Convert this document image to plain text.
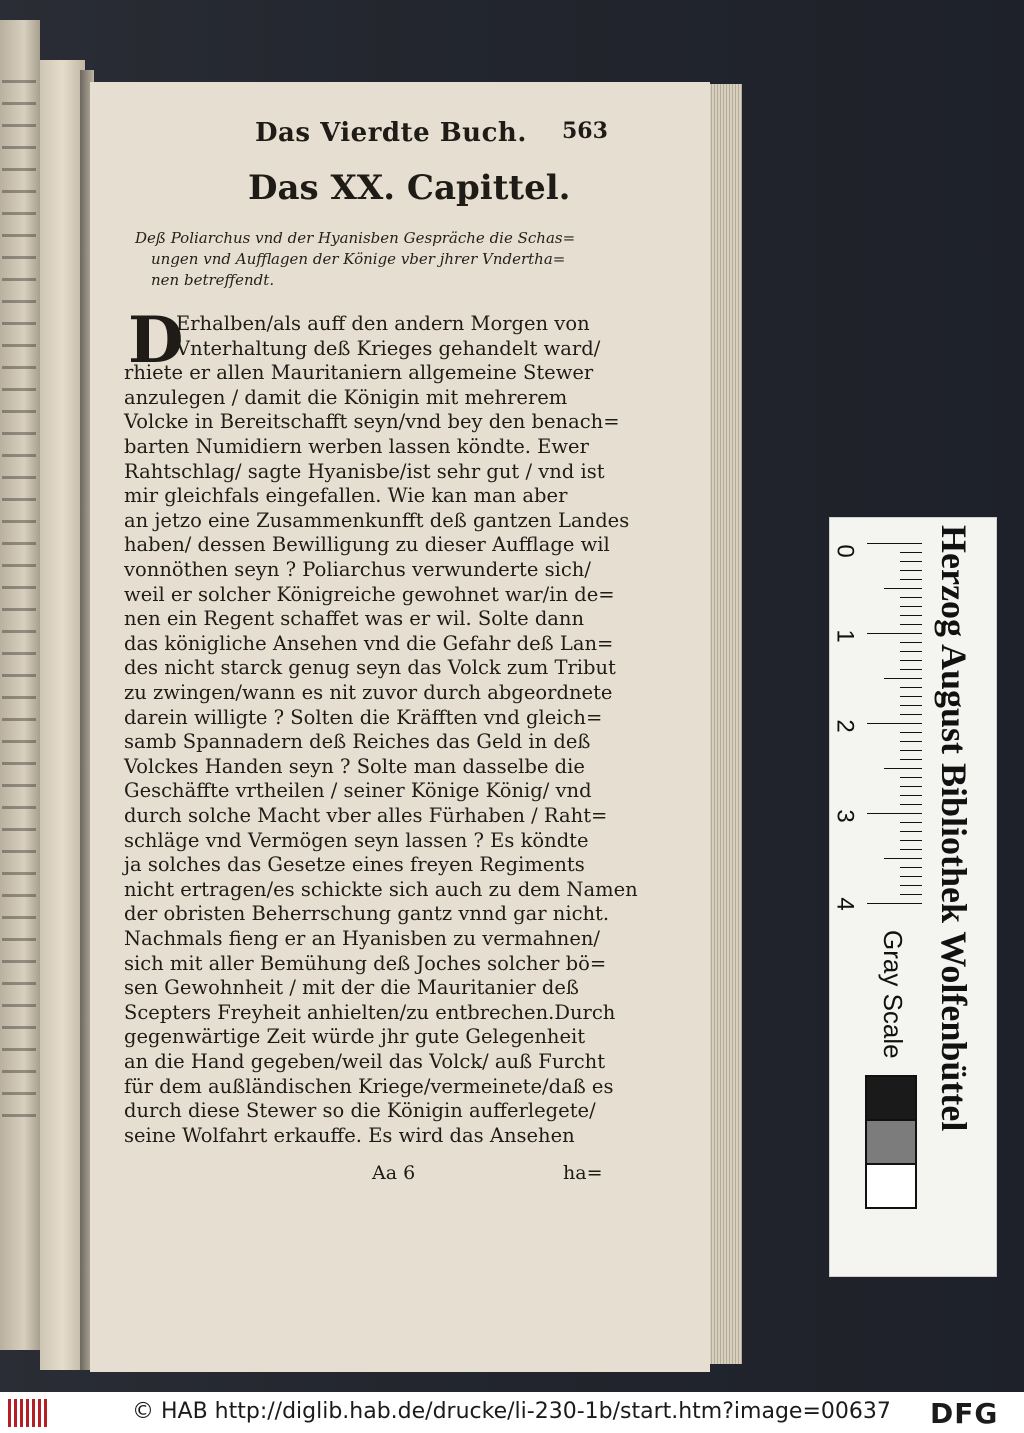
Das Vierdte Buch. 563
Das XX. Capittel.
Deß Poliarchus vnd der Hyanisben Gespräche die Schas=
ungen vnd Aufflagen der Könige vber jhrer Vndertha=
nen betreffendt.
D
Erhalben/als auff den andern Morgen von
Vnterhaltung deß Krieges gehandelt ward/
rhiete er allen Mauritaniern allgemeine Stewer
anzulegen / damit die Königin mit mehrerem
Volcke in Bereitschafft seyn/vnd bey den benach=
barten Numidiern werben lassen köndte. Ewer
Rahtschlag/ sagte Hyanisbe/ist sehr gut / vnd ist
mir gleichfals eingefallen. Wie kan man aber
an jetzo eine Zusammenkunfft deß gantzen Landes
haben/ dessen Bewilligung zu dieser Aufflage wil
vonnöthen seyn ? Poliarchus verwunderte sich/
weil er solcher Königreiche gewohnet war/in de=
nen ein Regent schaffet was er wil. Solte dann
das königliche Ansehen vnd die Gefahr deß Lan=
des nicht starck genug seyn das Volck zum Tribut
zu zwingen/wann es nit zuvor durch abgeordnete
darein willigte ? Solten die Kräfften vnd gleich=
samb Spannadern deß Reiches das Geld in deß
Volckes Handen seyn ? Solte man dasselbe die
Geschäffte vrtheilen / seiner Könige König/ vnd
durch solche Macht vber alles Fürhaben / Raht=
schläge vnd Vermögen seyn lassen ? Es köndte
ja solches das Gesetze eines freyen Regiments
nicht ertragen/es schickte sich auch zu dem Namen
der obristen Beherrschung gantz vnnd gar nicht.
Nachmals fieng er an Hyanisben zu vermahnen/
sich mit aller Bemühung deß Joches solcher bö=
sen Gewohnheit / mit der die Mauritanier deß
Scepters Freyheit anhielten/zu entbrechen.Durch
gegenwärtige Zeit würde jhr gute Gelegenheit
an die Hand gegeben/weil das Volck/ auß Furcht
für dem außländischen Kriege/vermeinete/daß es
durch diese Stewer so die Königin aufferlegete/
seine Wolfahrt erkauffe. Es wird das Ansehen
Aa 6	ha=
Herzog August Bibliothek Wolfenbüttel
0
1
2
3
4
Gray Scale
© HAB http://diglib.hab.de/drucke/li-230-1b/start.htm?image=00637 DFG
